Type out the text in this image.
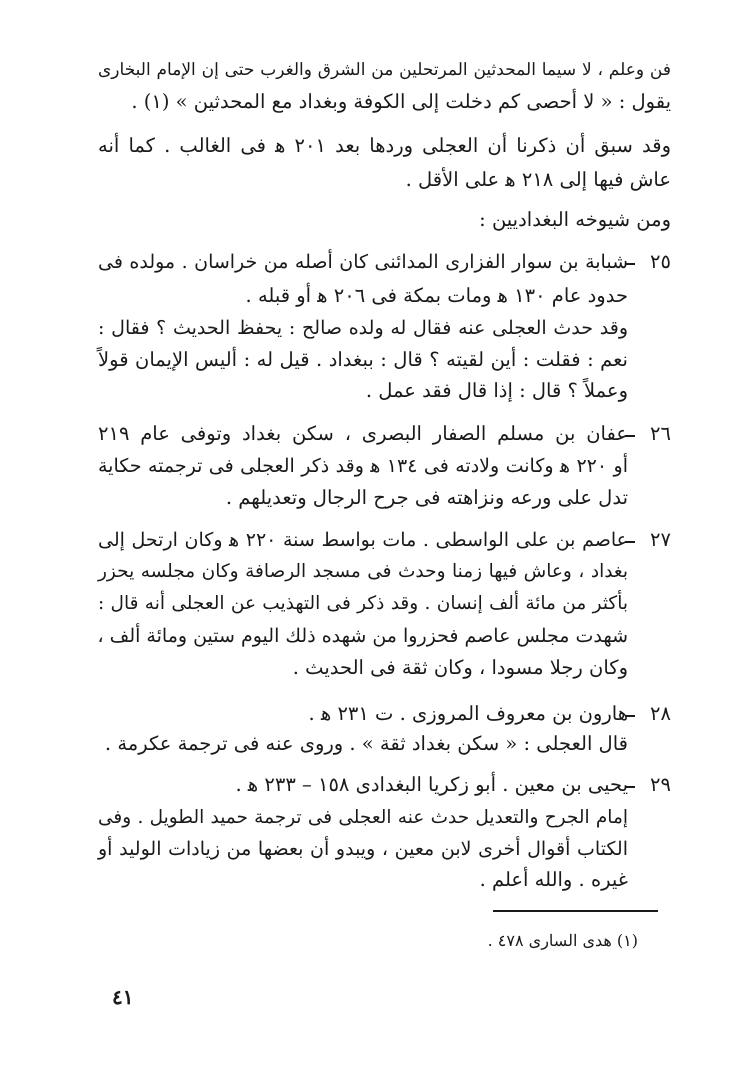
فن وعلم ، لا سيما المحدثين المرتحلين من الشرق والغرب حتى إن الإمام البخارى
يقول : « لا أحصى كم دخلت إلى الكوفة وبغداد مع المحدثين » (١) .
وقد سبق أن ذكرنا أن العجلى وردها بعد ٢٠١ ﻫ فى الغالب . كما أنه
عاش فيها إلى ٢١٨ ﻫ على الأقل .
ومن شيوخه البغداديين :
٢٥
شبابة بن سوار الفزارى المدائنى كان أصله من خراسان . مولده فى
حدود عام ١٣٠ ﻫ ومات بمكة فى ٢٠٦ ﻫ أو قبله .
وقد حدث العجلى عنه فقال له ولده صالح : يحفظ الحديث ؟ فقال :
نعم : فقلت : أين لقيته ؟ قال : ببغداد . قيل له : أليس الإيمان قولاً
وعملاً ؟ قال : إذا قال فقد عمل .
٢٦
عفان بن مسلم الصفار البصرى ، سكن بغداد وتوفى عام ٢١٩
أو ٢٢٠ ﻫ وكانت ولادته فى ١٣٤ ﻫ وقد ذكر العجلى فى ترجمته حكاية
تدل على ورعه ونزاهته فى جرح الرجال وتعديلهم .
٢٧
عاصم بن على الواسطى . مات بواسط سنة ٢٢٠ ﻫ وكان ارتحل إلى
بغداد ، وعاش فيها زمنا وحدث فى مسجد الرصافة وكان مجلسه يحزر
بأكثر من مائة ألف إنسان . وقد ذكر فى التهذيب عن العجلى أنه قال :
شهدت مجلس عاصم فحزروا من شهده ذلك اليوم ستين ومائة ألف ،
وكان رجلا مسودا ، وكان ثقة فى الحديث .
٢٨
هارون بن معروف المروزى . ت ٢٣١ ﻫ .
قال العجلى : « سكن بغداد ثقة » . وروى عنه فى ترجمة عكرمة .
٢٩
يحيى بن معين . أبو زكريا البغدادى ١٥٨ – ٢٣٣ ﻫ .
إمام الجرح والتعديل حدث عنه العجلى فى ترجمة حميد الطويل . وفى
الكتاب أقوال أخرى لابن معين ، ويبدو أن بعضها من زيادات الوليد أو
غيره . والله أعلم .
(١) هدى السارى ٤٧٨ .
٤١
